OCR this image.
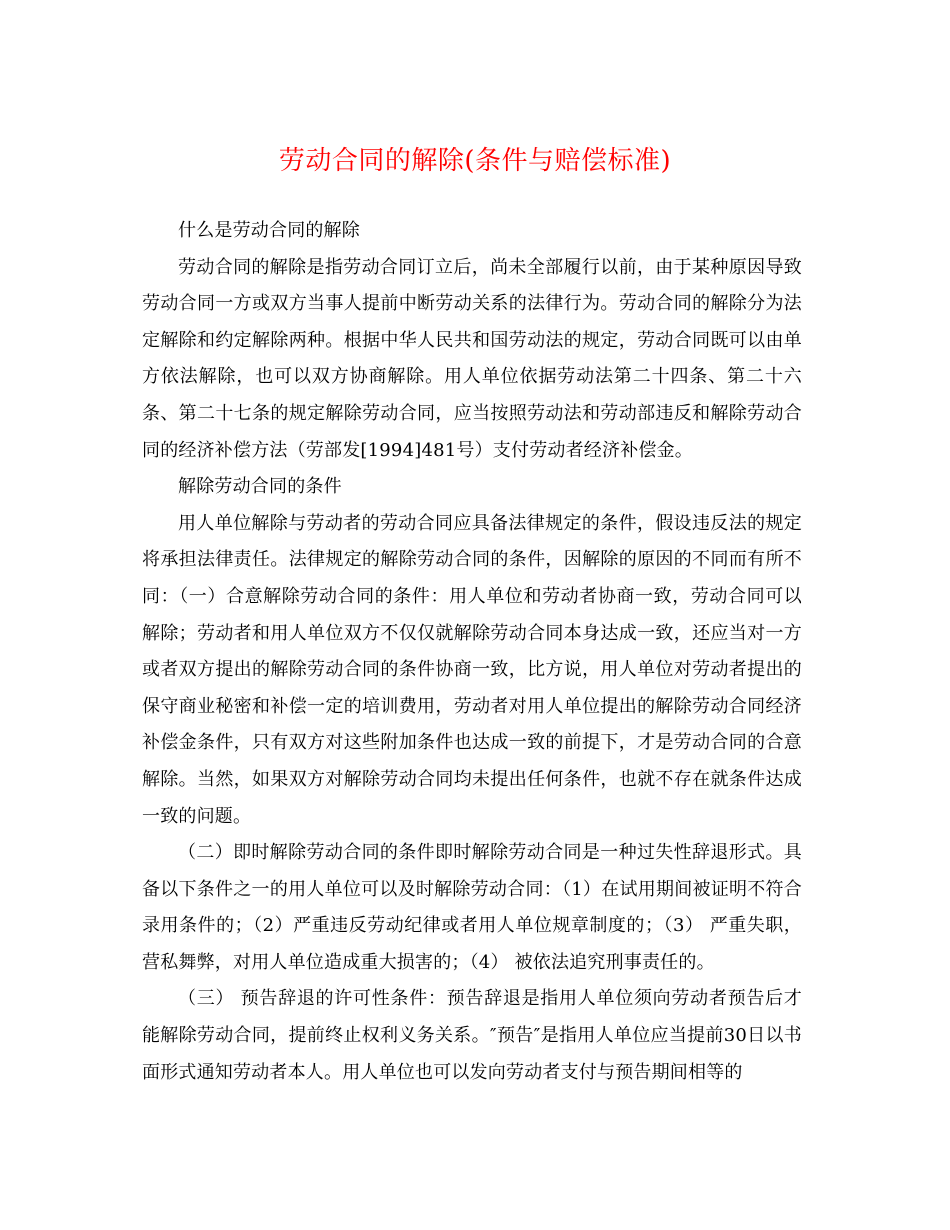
劳动合同的解除(条件与赔偿标准)

什么是劳动合同的解除

劳动合同的解除是指劳动合同订立后，尚未全部履行以前，由于某种原因导致劳动合同一方或双方当事人提前中断劳动关系的法律行为。劳动合同的解除分为法定解除和约定解除两种。根据中华人民共和国劳动法的规定，劳动合同既可以由单方依法解除，也可以双方协商解除。用人单位依据劳动法第二十四条、第二十六条、第二十七条的规定解除劳动合同，应当按照劳动法和劳动部违反和解除劳动合同的经济补偿方法（劳部发[1994]481号）支付劳动者经济补偿金。

解除劳动合同的条件

用人单位解除与劳动者的劳动合同应具备法律规定的条件，假设违反法的规定将承担法律责任。法律规定的解除劳动合同的条件，因解除的原因的不同而有所不同：（一）合意解除劳动合同的条件：用人单位和劳动者协商一致，劳动合同可以解除；劳动者和用人单位双方不仅仅就解除劳动合同本身达成一致，还应当对一方或者双方提出的解除劳动合同的条件协商一致，比方说，用人单位对劳动者提出的保守商业秘密和补偿一定的培训费用，劳动者对用人单位提出的解除劳动合同经济补偿金条件，只有双方对这些附加条件也达成一致的前提下，才是劳动合同的合意解除。当然，如果双方对解除劳动合同均未提出任何条件，也就不存在就条件达成一致的问题。

（二）即时解除劳动合同的条件即时解除劳动合同是一种过失性辞退形式。具备以下条件之一的用人单位可以及时解除劳动合同：（1）在试用期间被证明不符合录用条件的；（2）严重违反劳动纪律或者用人单位规章制度的；（3） 严重失职，营私舞弊，对用人单位造成重大损害的；（4） 被依法追究刑事责任的。

（三） 预告辞退的许可性条件：预告辞退是指用人单位须向劳动者预告后才能解除劳动合同，提前终止权利义务关系。″预告″是指用人单位应当提前30日以书面形式通知劳动者本人。用人单位也可以发向劳动者支付与预告期间相等的
